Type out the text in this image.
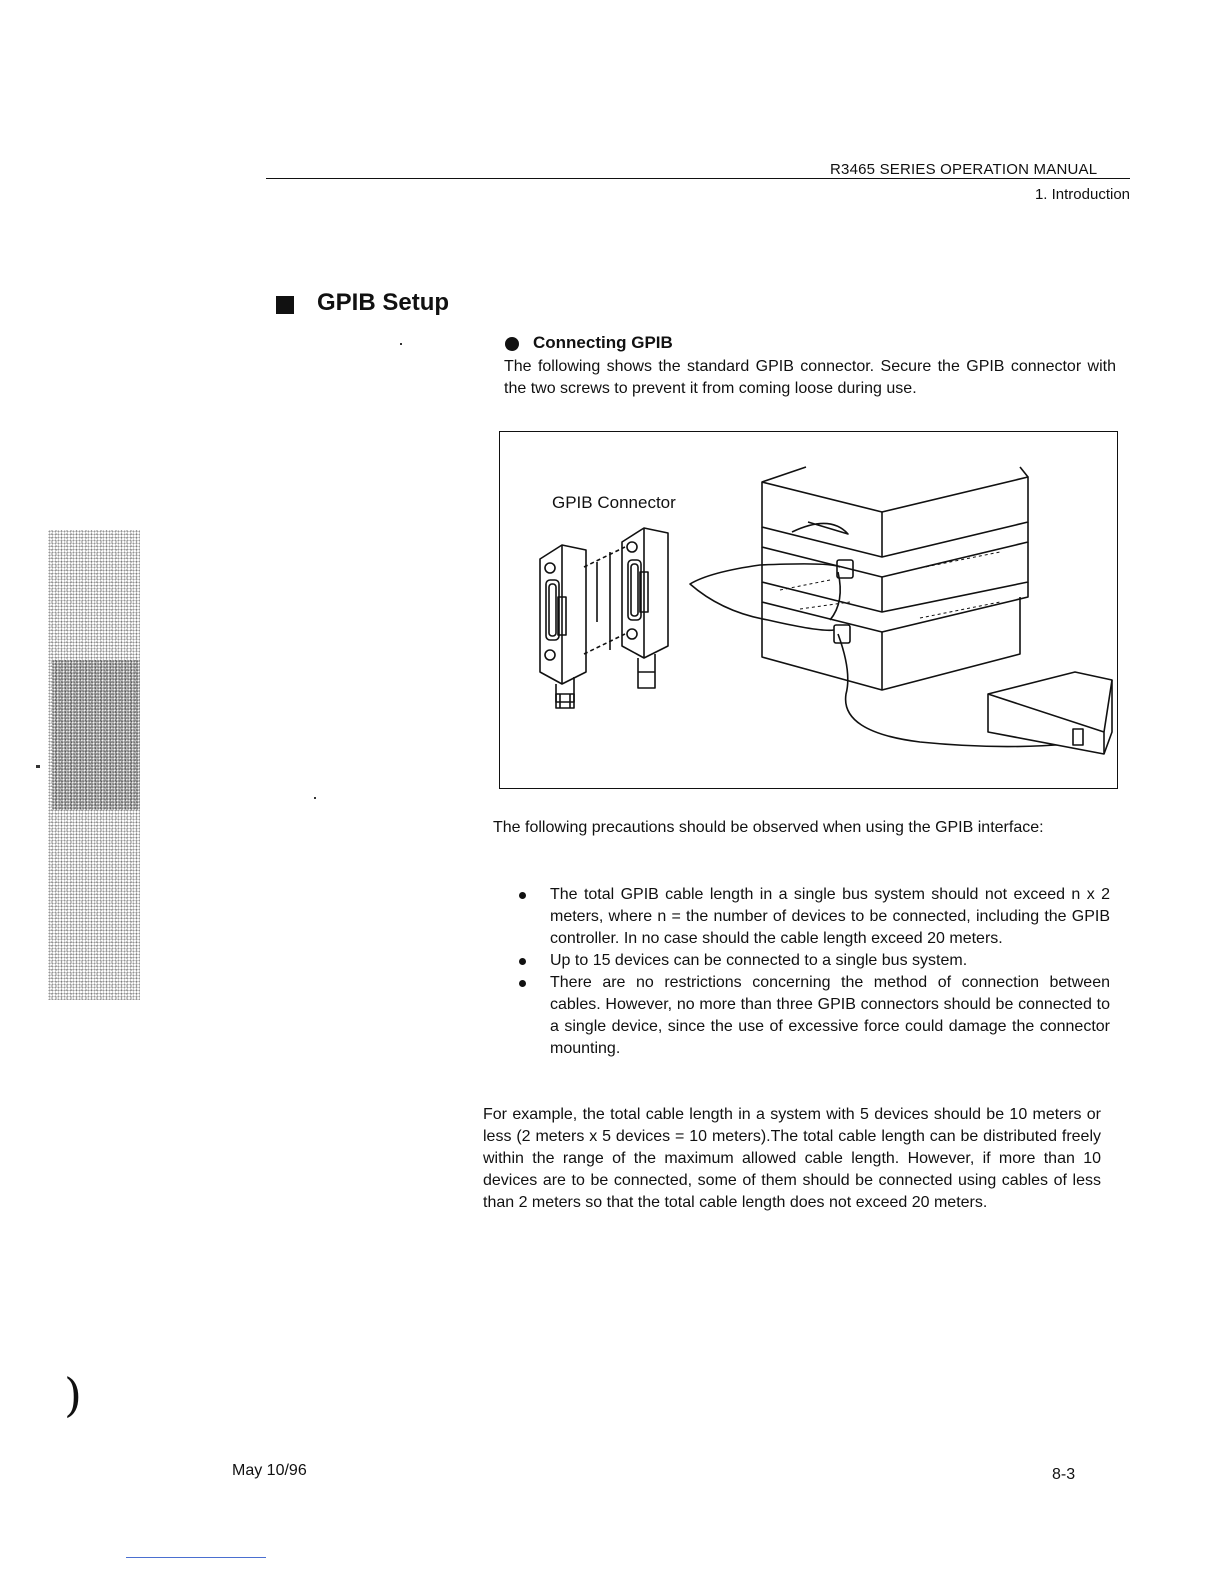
)
R3465 SERIES OPERATION MANUAL
1. Introduction
GPIB Setup
Connecting GPIB
The following shows the standard GPIB connector. Secure the GPIB connector with the two screws to prevent it from coming loose during use.
GPIB Connector
The following precautions should be observed when using the GPIB interface:
The total GPIB cable length in a single bus system should not exceed n x 2 meters, where n = the number of devices to be connected, including the GPIB controller. In no case should the cable length exceed 20 meters.
Up to 15 devices can be connected to a single bus system.
There are no restrictions concerning the method of connection between cables. However, no more than three GPIB connectors should be connected to a single device, since the use of excessive force could damage the connector mounting.
For example, the total cable length in a system with 5 devices should be 10 meters or less (2 meters x 5 devices = 10 meters).The total cable length can be distributed freely within the range of the maximum allowed cable length. However, if more than 10 devices are to be connected, some of them should be connected using cables of less than 2 meters so that the total cable length does not exceed 20 meters.
May 10/96	8-3
